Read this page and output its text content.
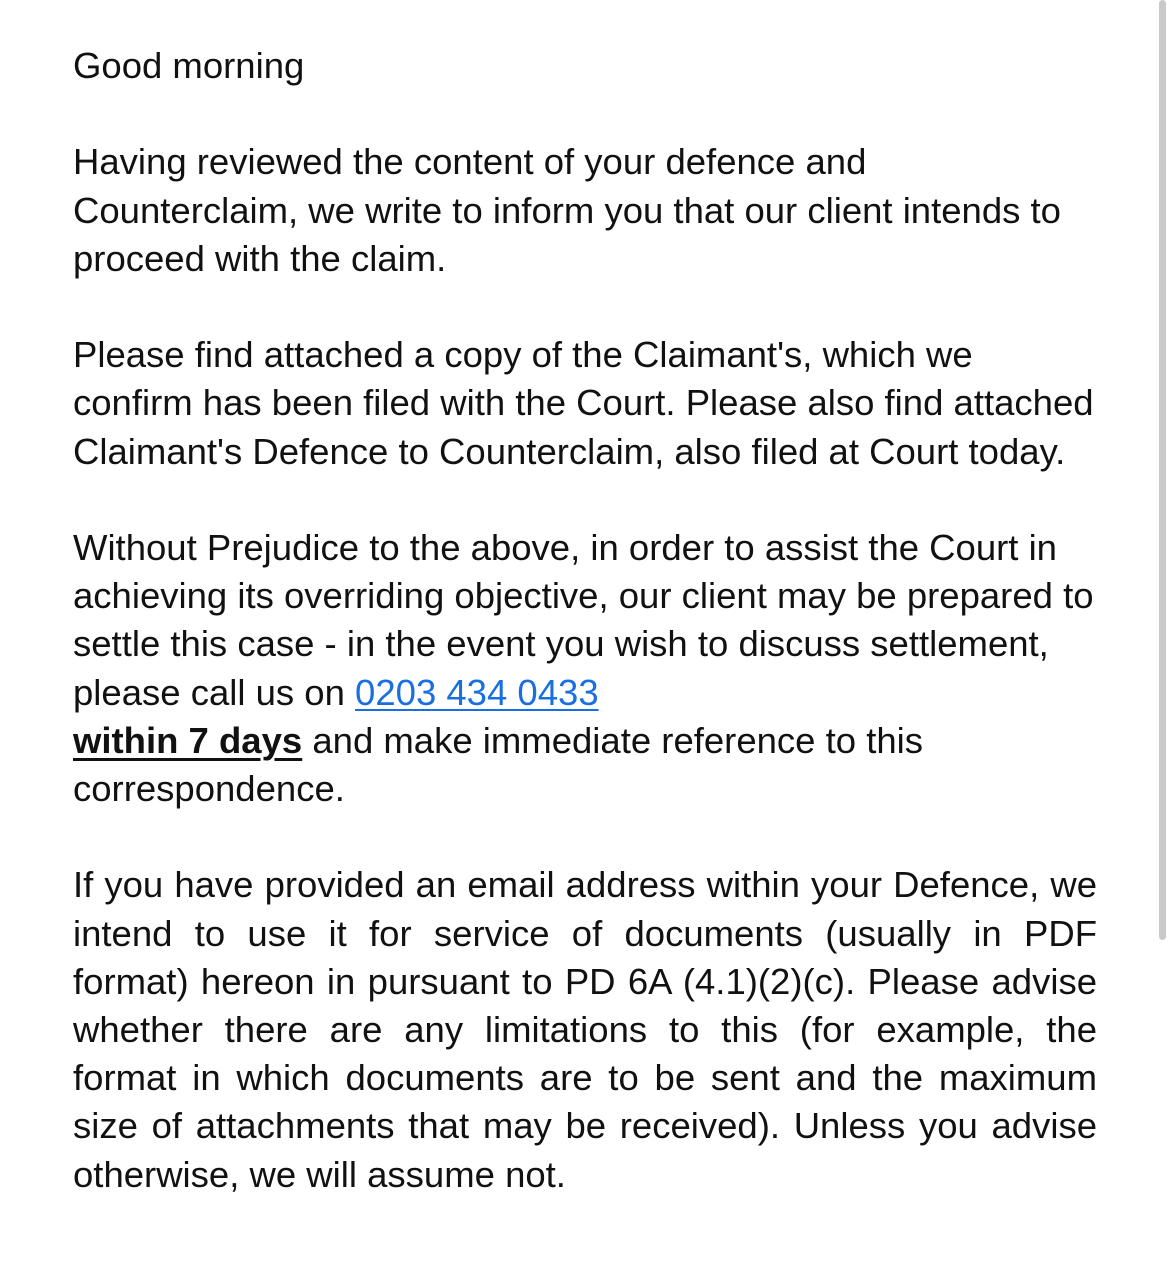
Good morning

Having reviewed the content of your defence and Counterclaim, we write to inform you that our client intends to proceed with the claim.

Please find attached a copy of the Claimant's, which we confirm has been filed with the Court. Please also find attached Claimant's Defence to Counterclaim, also filed at Court today.

Without Prejudice to the above, in order to assist the Court in achieving its overriding objective, our client may be prepared to settle this case - in the event you wish to discuss settlement, please call us on 0203 434 0433
within 7 days and make immediate reference to this correspondence.

If you have provided an email address within your Defence, we intend to use it for service of documents (usually in PDF format) hereon in pursuant to PD 6A (4.1)(2)(c). Please advise whether there are any limitations to this (for example, the format in which documents are to be sent and the maximum size of attachments that may be received). Unless you advise otherwise, we will assume not.
